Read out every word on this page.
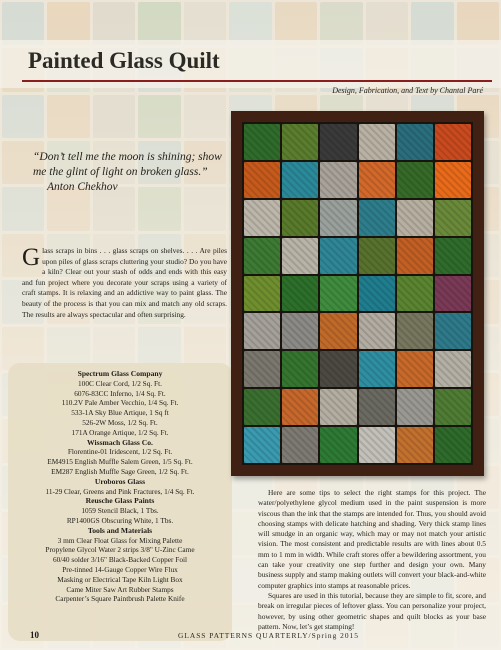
Painted Glass Quilt
Design, Fabrication, and Text by Chantal Paré
“Don’t tell me the moon is shining; show me the glint of light on broken glass.”
Anton Chekhov
G lass scraps in bins . . . glass scraps on shelves. . . . Are piles upon piles of glass scraps cluttering your studio? Do you have a kiln? Clear out your stash of odds and ends with this easy and fun project where you decorate your scraps using a variety of craft stamps. It is relaxing and an addictive way to paint glass. The beauty of the process is that you can mix and match any old scraps. The results are always spectacular and often surprising.
Spectrum Glass Company
100C Clear Cord, 1/2 Sq. Ft.
6076-83CC Inferno, 1/4 Sq. Ft.
110.2V Pale Amber Vecchio, 1/4 Sq. Ft.
533-1A Sky Blue Artique, 1 Sq ft
526-2W Moss, 1/2 Sq. Ft.
171A Orange Artique, 1/2 Sq. Ft.
Wissmach Glass Co.
Florentine-01 Iridescent, 1/2 Sq. Ft.
EM4915 English Muffle Salem Green, 1/5 Sq. Ft.
EM287 English Muffle Sage Green, 1/2 Sq. Ft.
Uroboros Glass
11-29 Clear, Greens and Pink Fractures, 1/4 Sq. Ft.
Reusche Glass Paints
1059 Stencil Black, 1 Tbs.
RP1400GS Obscuring White, 1 Tbs.
Tools and Materials
3 mm Clear Float Glass for Mixing Palette
Propylene Glycol Water 2 strips 3/8" U-Zinc Came
60/40 solder 3/16" Black-Backed Copper Foil
Pre-tinned 14-Gauge Copper Wire Flux
Masking or Electrical Tape Kiln Light Box
Came Miter Saw Art Rubber Stamps
Carpenter’s Square Paintbrush Palette Knife

Here are some tips to select the right stamps for this project. The water/polyethylene glycol medium used in the paint suspension is more viscous than the ink that the stamps are intended for. Thus, you should avoid choosing stamps with delicate hatching and shading. Very thick stamp lines will smudge in an organic way, which may or may not match your artistic vision. The most consistent and predictable results are with lines about 0.5 mm to 1 mm in width. While craft stores offer a bewildering assortment, you can take your creativity one step further and design your own. Many business supply and stamp making outlets will convert your black-and-white computer graphics into stamps at reasonable prices.

Squares are used in this tutorial, because they are simple to fit, score, and break on irregular pieces of leftover glass. You can personalize your project, however, by using other geometric shapes and quilt blocks as your base pattern. Now, let’s get stamping!

10	GLASS PATTERNS QUARTERLY/Spring 2015
